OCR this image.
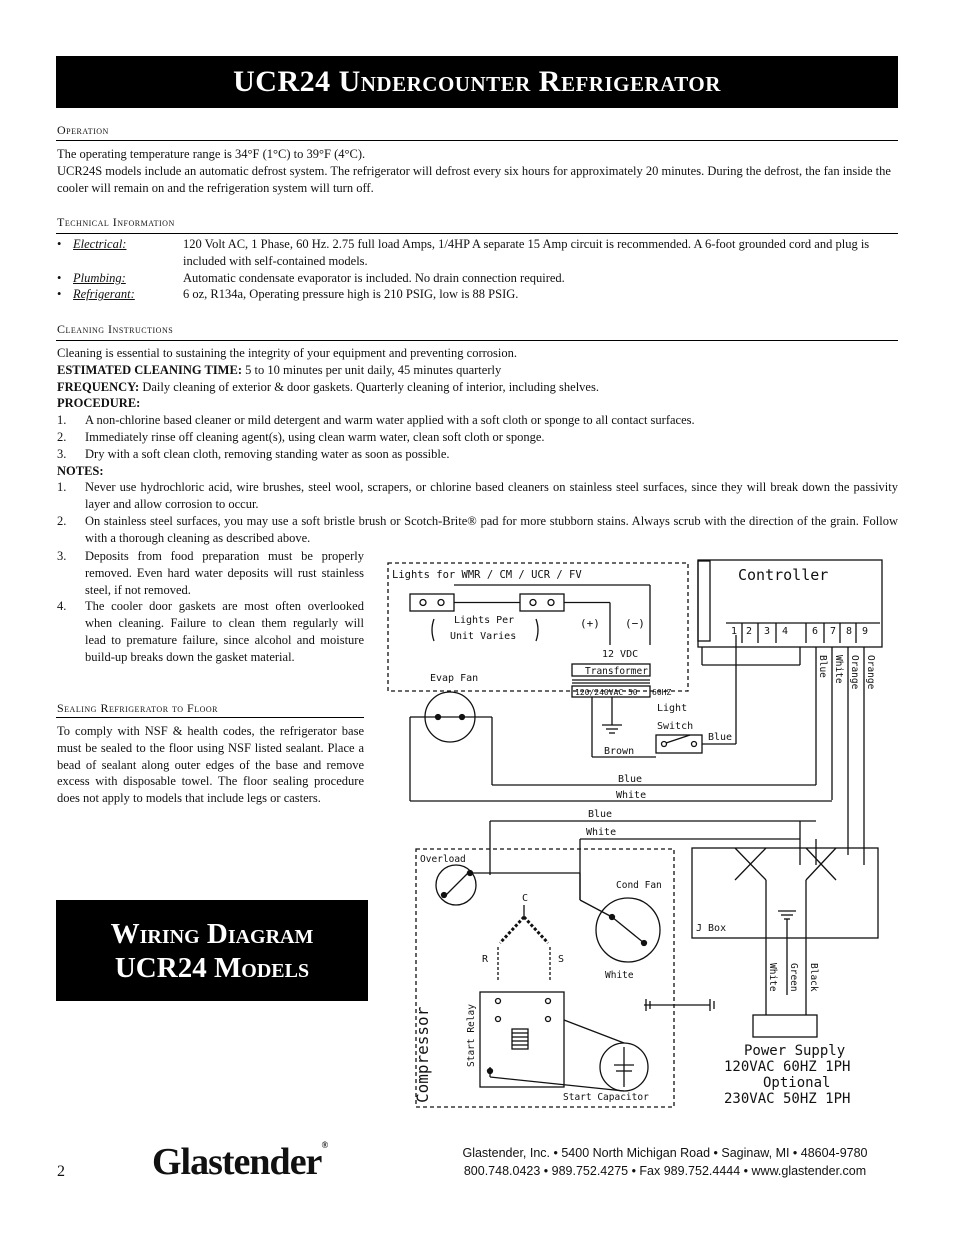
UCR24 Undercounter Refrigerator
Operation
The operating temperature range is 34°F (1°C) to 39°F (4°C).
UCR24S models include an automatic defrost system. The refrigerator will defrost every six hours for approximately 20 minutes. During the defrost, the fan inside the cooler will remain on and the refrigeration system will turn off.
Technical Information
• Electrical:	120 Volt AC, 1 Phase, 60 Hz. 2.75 full load Amps, 1/4HP A separate 15 Amp circuit is recommended. A 6-foot grounded cord and plug is included with self-contained models.
• Plumbing:	Automatic condensate evaporator is included. No drain connection required.
• Refrigerant:	6 oz, R134a, Operating pressure high is 210 PSIG, low is 88 PSIG.
Cleaning Instructions
Cleaning is essential to sustaining the integrity of your equipment and preventing corrosion.
ESTIMATED CLEANING TIME: 5 to 10 minutes per unit daily, 45 minutes quarterly
FREQUENCY: Daily cleaning of exterior & door gaskets. Quarterly cleaning of interior, including shelves.
PROCEDURE:
1.	A non-chlorine based cleaner or mild detergent and warm water applied with a soft cloth or sponge to all contact surfaces.
2.	Immediately rinse off cleaning agent(s), using clean warm water, clean soft cloth or sponge.
3.	Dry with a soft clean cloth, removing standing water as soon as possible.
NOTES:
1.	Never use hydrochloric acid, wire brushes, steel wool, scrapers, or chlorine based cleaners on stainless steel surfaces, since they will break down the passivity layer and allow corrosion to occur.
2.	On stainless steel surfaces, you may use a soft bristle brush or Scotch-Brite® pad for more stubborn stains. Always scrub with the direction of the grain. Follow with a thorough cleaning as described above.
3.	Deposits from food preparation must be properly removed. Even hard water deposits will rust stainless steel, if not removed.
4.	The cooler door gaskets are most often overlooked when cleaning. Failure to clean them regularly will lead to premature failure, since alcohol and moisture build-up breaks down the gasket material.
Sealing Refrigerator to Floor
To comply with NSF & health codes, the refrigerator base must be sealed to the floor using NSF listed sealant. Place a bead of sealant along outer edges of the base and remove excess with disposable towel. The floor sealing procedure does not apply to models that include legs or casters.
Wiring Diagram
UCR24 Models
Lights for WMR / CM / UCR / FV
Lights Per
Unit Varies
(+) (−)
12 VDC
Transformer
120/240VAC 50 60HZ
Light
Switch
Blue
Brown
Controller
1 2 3 4 6 7 8 9
Blue White Orange Orange
Evap Fan
Blue
White
Blue
White
J Box
White Green Black
Power Supply
120VAC 60HZ 1PH
Optional
230VAC 50HZ 1PH
Overload
C
R	S
Cond Fan
White
Start Relay
Compressor	Start Capacitor
2 Glastender®
Glastender, Inc. • 5400 North Michigan Road • Saginaw, MI • 48604-9780
800.748.0423 • 989.752.4275 • Fax 989.752.4444 • www.glastender.com
